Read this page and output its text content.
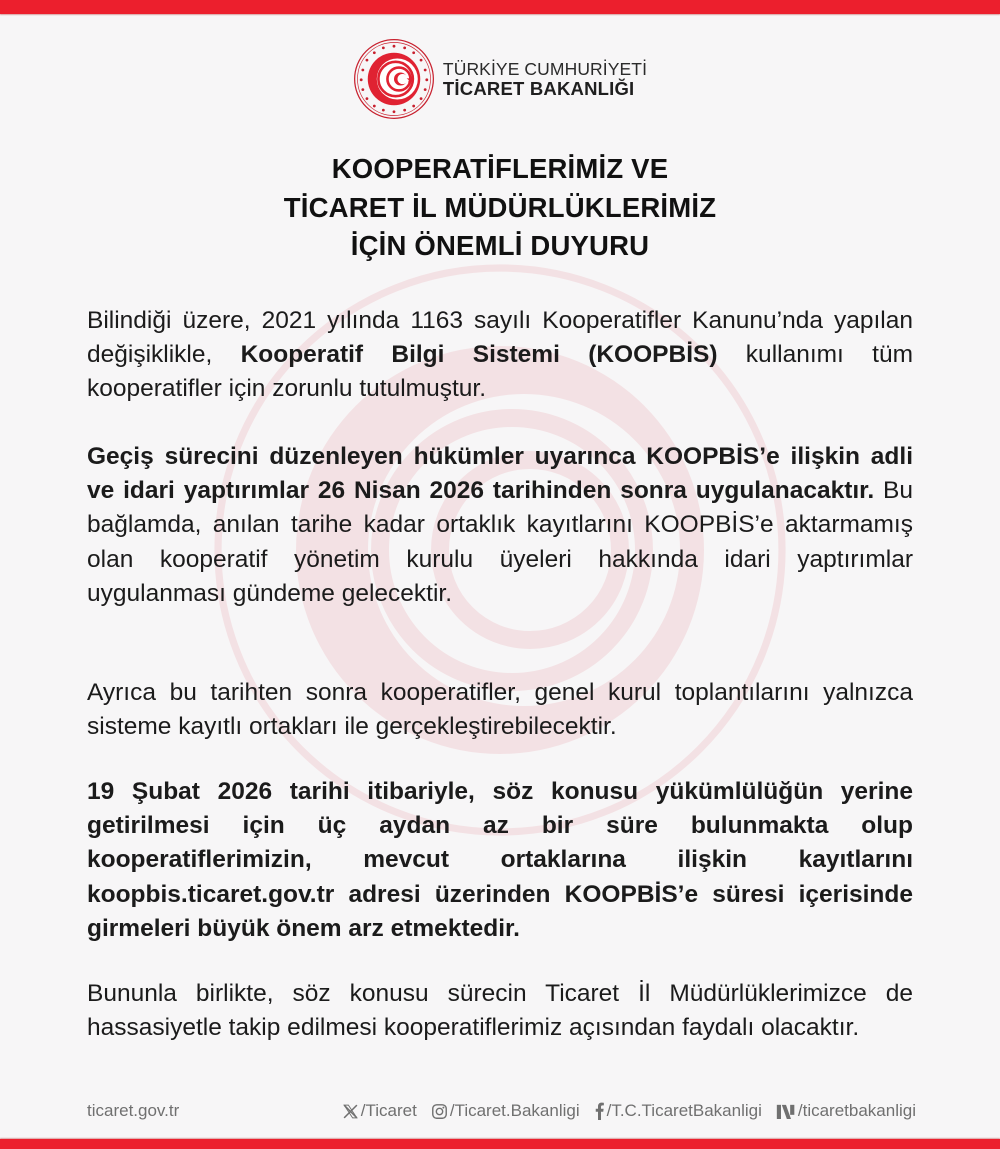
TÜRKİYE CUMHURİYETİ
TİCARET BAKANLIĞI
KOOPERATİFLERİMİZ VE
TİCARET İL MÜDÜRLÜKLERİMİZ
İÇİN ÖNEMLİ DUYURU
Bilindiği üzere, 2021 yılında 1163 sayılı Kooperatifler Kanunu’nda yapılan değişiklikle, Kooperatif Bilgi Sistemi (KOOPBİS) kullanımı tüm kooperatifler için zorunlu tutulmuştur.
Geçiş sürecini düzenleyen hükümler uyarınca KOOPBİS’e ilişkin adli ve idari yaptırımlar 26 Nisan 2026 tarihinden sonra uygulanacaktır. Bu bağlamda, anılan tarihe kadar ortaklık kayıtlarını KOOPBİS’e aktarmamış olan kooperatif yönetim kurulu üyeleri hakkında idari yaptırımlar uygulanması gündeme gelecektir.
Ayrıca bu tarihten sonra kooperatifler, genel kurul toplantılarını yalnızca sisteme kayıtlı ortakları ile gerçekleştirebilecektir.
19 Şubat 2026 tarihi itibariyle, söz konusu yükümlülüğün yerine getirilmesi için üç aydan az bir süre bulunmakta olup kooperatiflerimizin, mevcut ortaklarına ilişkin kayıtlarını koopbis.ticaret.gov.tr adresi üzerinden KOOPBİS’e süresi içerisinde girmeleri büyük önem arz etmektedir.
Bununla birlikte, söz konusu sürecin Ticaret İl Müdürlüklerimizce de hassasiyetle takip edilmesi kooperatiflerimiz açısından faydalı olacaktır.
ticaret.gov.tr	/Ticaret /Ticaret.Bakanligi /T.C.TicaretBakanligi /ticaretbakanligi
